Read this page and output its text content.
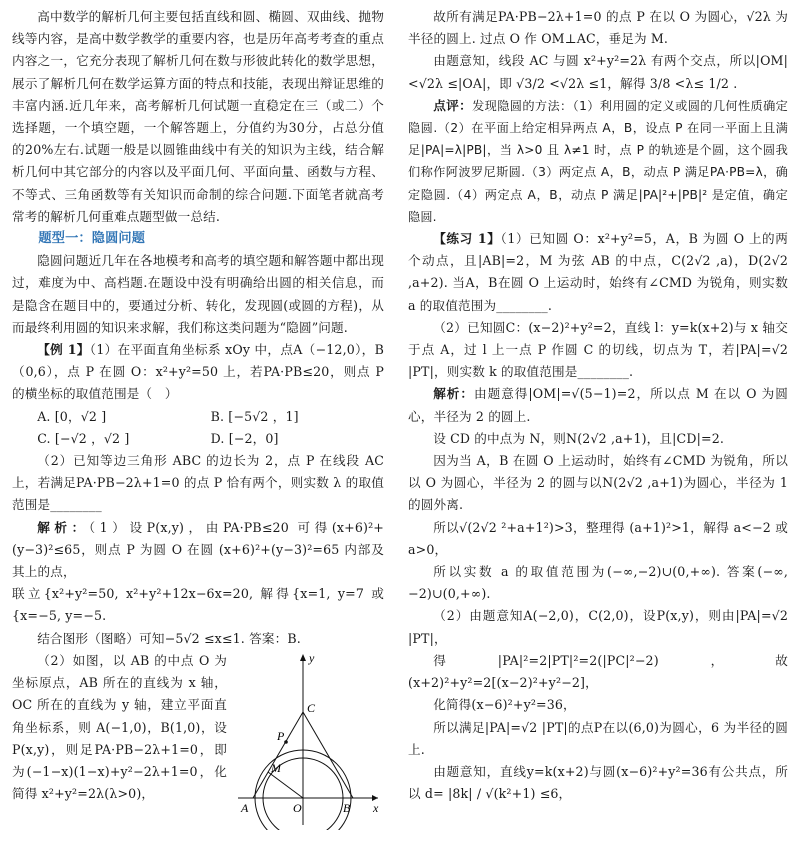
高中数学的解析几何主要包括直线和圆、椭圆、双曲线、抛物线等内容，是高中数学教学的重要内容，也是历年高考考查的重点内容之一，它充分表现了解析几何在数与形彼此转化的数学思想，展示了解析几何在数学运算方面的特点和技能，表现出辩证思维的丰富内涵.近几年来，高考解析几何试题一直稳定在三（或二）个选择题，一个填空题，一个解答题上，分值约为30分，占总分值的20%左右.试题一般是以圆锥曲线中有关的知识为主线，结合解析几何中其它部分的内容以及平面几何、平面向量、函数与方程、不等式、三角函数等有关知识而命制的综合问题.下面笔者就高考常考的解析几何重难点题型做一总结.

题型一：隐圆问题

隐圆问题近几年在各地模考和高考的填空题和解答题中都出现过，难度为中、高档题.在题设中没有明确给出圆的相关信息，而是隐含在题目中的，要通过分析、转化，发现圆(或圆的方程)，从而最终利用圆的知识来求解，我们称这类问题为“隐圆”问题.

【例 1】（1）在平面直角坐标系 xOy 中，点A（−12,0），B（0,6），点 P 在圆 O：x²+y²=50 上，若PA·PB≤20，则点 P 的横坐标的取值范围是（　）

A. [0，√2 ]	B. [−5√2 ，1]
C. [−√2 ，√2 ]	D. [−2，0]

（2）已知等边三角形 ABC 的边长为 2，点 P 在线段 AC 上，若满足PA·PB−2λ+1=0 的点 P 恰有两个，则实数 λ 的取值范围是________

解析：（1）设P(x,y)，由PA·PB≤20 可得(x+6)²+(y−3)²≤65，则点 P 为圆 O 在圆 (x+6)²+(y−3)²=65 内部及其上的点，

联立{x²+y²=50, x²+y²+12x−6x=20, 解得{x=1, y=7 或{x=−5, y=−5.

结合图形（图略）可知−5√2 ≤x≤1. 答案：B.

（2）如图，以 AB 的中点 O 为坐标原点，AB 所在的直线为 x 轴，OC 所在的直线为 y 轴，建立平面直角坐标系，则 A(−1,0)，B(1,0)，设P(x,y)，则足PA·PB−2λ+1=0，即为(−1−x)(1−x)+y²−2λ+1=0，化简得 x²+y²=2λ(λ>0)，

y
x
C
P
M
A	O	B

故所有满足PA·PB−2λ+1=0 的点 P 在以 O 为圆心，√2λ 为半径的圆上. 过点 O 作 OM⊥AC，垂足为 M.

由题意知，线段 AC 与圆 x²+y²=2λ 有两个交点，所以|OM|<√2λ ≤|OA|，即 √3/2 <√2λ ≤1，解得 3/8 <λ≤ 1/2 .

点评：发现隐圆的方法：（1）利用圆的定义或圆的几何性质确定隐圆.（2）在平面上给定相异两点 A，B，设点 P 在同一平面上且满足|PA|=λ|PB|，当 λ>0 且 λ≠1 时，点 P 的轨迹是个圆，这个圆我们称作阿波罗尼斯圆.（3）两定点 A，B，动点 P 满足PA·PB=λ，确定隐圆.（4）两定点 A，B，动点 P 满足|PA|²+|PB|² 是定值，确定隐圆.

【练习 1】（1）已知圆 O：x²+y²=5，A，B 为圆 O 上的两个动点，且|AB|=2，M 为弦 AB 的中点，C(2√2 ,a)，D(2√2 ,a+2). 当A，B在圆 O 上运动时，始终有∠CMD 为锐角，则实数 a 的取值范围为________.

（2）已知圆C：(x−2)²+y²=2，直线 l：y=k(x+2)与 x 轴交于点 A，过 l 上一点 P 作圆 C 的切线，切点为 T，若|PA|=√2 |PT|，则实数 k 的取值范围是________.

解析：由题意得|OM|=√(5−1)=2，所以点 M 在以 O 为圆心，半径为 2 的圆上.

设 CD 的中点为 N，则N(2√2 ,a+1)，且|CD|=2.

因为当 A，B 在圆 O 上运动时，始终有∠CMD 为锐角，所以以 O 为圆心，半径为 2 的圆与以N(2√2 ,a+1)为圆心，半径为 1 的圆外离.

所以√(2√2 ²+a+1²)>3，整理得 (a+1)²>1，解得 a<−2 或 a>0，

所以实数 a 的取值范围为(−∞,−2)∪(0,+∞). 答案(−∞,−2)∪(0,+∞).

（2）由题意知A(−2,0)，C(2,0)，设P(x,y)，则由|PA|=√2 |PT|，

得|PA|²=2|PT|²=2(|PC|²−2)，故(x+2)²+y²=2[(x−2)²+y²−2]，

化简得(x−6)²+y²=36，

所以满足|PA|=√2 |PT|的点P在以(6,0)为圆心，6 为半径的圆上.

由题意知，直线y=k(x+2)与圆(x−6)²+y²=36有公共点，所以 d= |8k| / √(k²+1) ≤6，
